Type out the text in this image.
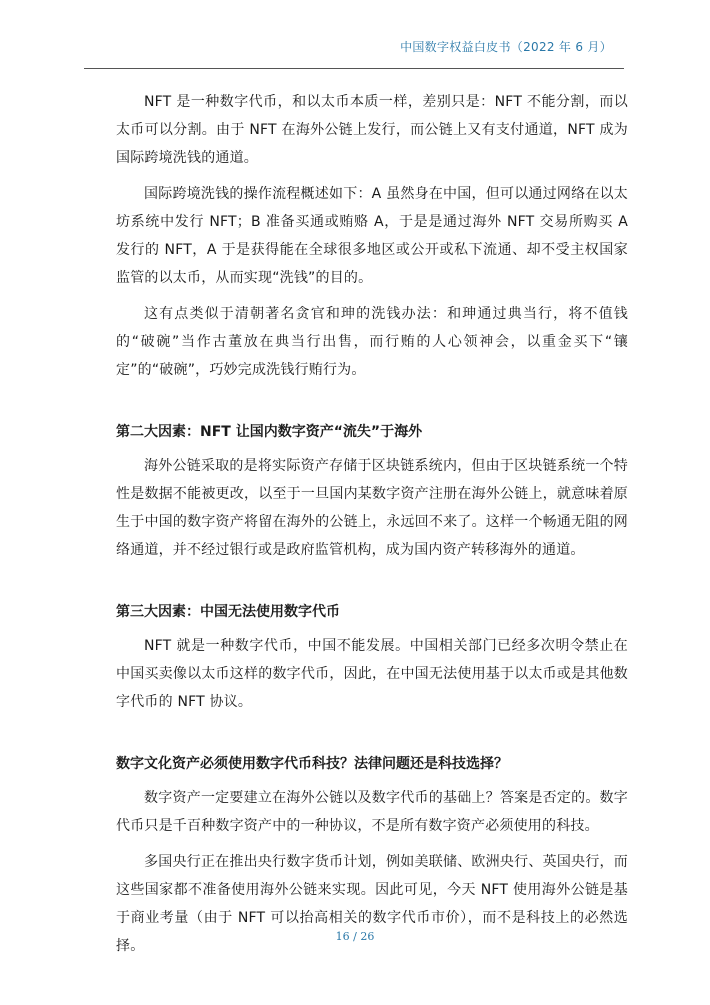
中国数字权益白皮书（2022 年 6 月）

NFT 是一种数字代币，和以太币本质一样，差别只是：NFT 不能分割，而以太币可以分割。由于 NFT 在海外公链上发行，而公链上又有支付通道，NFT 成为国际跨境洗钱的通道。

国际跨境洗钱的操作流程概述如下：A 虽然身在中国，但可以通过网络在以太坊系统中发行 NFT；B 准备买通或贿赂 A，于是是通过海外 NFT 交易所购买 A 发行的 NFT，A 于是获得能在全球很多地区或公开或私下流通、却不受主权国家监管的以太币，从而实现“洗钱”的目的。

这有点类似于清朝著名贪官和珅的洗钱办法：和珅通过典当行，将不值钱的“破碗”当作古董放在典当行出售，而行贿的人心领神会，以重金买下“镶定”的“破碗”，巧妙完成洗钱行贿行为。

第二大因素：NFT 让国内数字资产“流失”于海外

海外公链采取的是将实际资产存储于区块链系统内，但由于区块链系统一个特性是数据不能被更改，以至于一旦国内某数字资产注册在海外公链上，就意味着原生于中国的数字资产将留在海外的公链上，永远回不来了。这样一个畅通无阻的网络通道，并不经过银行或是政府监管机构，成为国内资产转移海外的通道。

第三大因素：中国无法使用数字代币

NFT 就是一种数字代币，中国不能发展。中国相关部门已经多次明令禁止在中国买卖像以太币这样的数字代币，因此，在中国无法使用基于以太币或是其他数字代币的 NFT 协议。

数字文化资产必须使用数字代币科技？法律问题还是科技选择？

数字资产一定要建立在海外公链以及数字代币的基础上？答案是否定的。数字代币只是千百种数字资产中的一种协议，不是所有数字资产必须使用的科技。

多国央行正在推出央行数字货币计划，例如美联储、欧洲央行、英国央行，而这些国家都不准备使用海外公链来实现。因此可见，今天 NFT 使用海外公链是基于商业考量（由于 NFT 可以抬高相关的数字代币市价），而不是科技上的必然选择。

16 / 26
